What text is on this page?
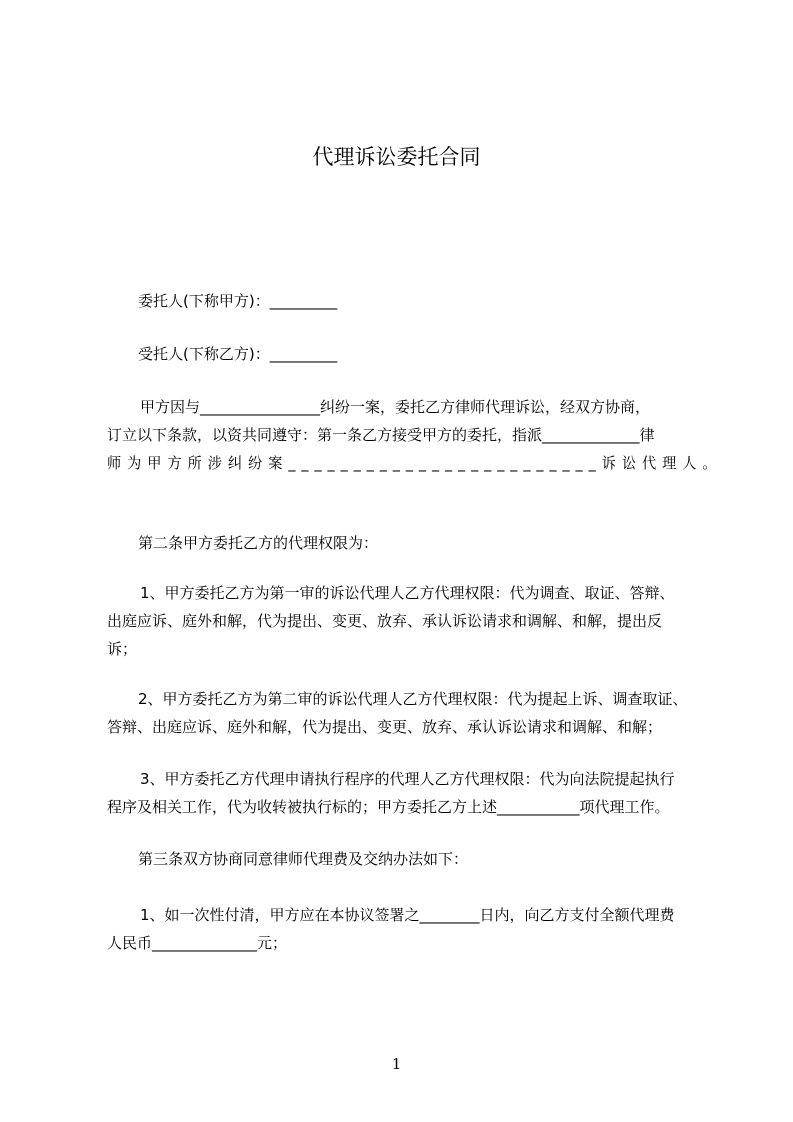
代理诉讼委托合同
委托人(下称甲方)：_________
受托人(下称乙方)：_________
甲方因与________________纠纷一案，委托乙方律师代理诉讼，经双方协商，
订立以下条款，以资共同遵守：第一条乙方接受甲方的委托，指派_____________律
师为甲方所涉纠纷案________________________诉讼代理人。
第二条甲方委托乙方的代理权限为：
1、甲方委托乙方为第一审的诉讼代理人乙方代理权限：代为调查、取证、答辩、
出庭应诉、庭外和解，代为提出、变更、放弃、承认诉讼请求和调解、和解，提出反
诉；
2、甲方委托乙方为第二审的诉讼代理人乙方代理权限：代为提起上诉、调查取证、
答辩、出庭应诉、庭外和解，代为提出、变更、放弃、承认诉讼请求和调解、和解；
3、甲方委托乙方代理申请执行程序的代理人乙方代理权限：代为向法院提起执行
程序及相关工作，代为收转被执行标的；甲方委托乙方上述___________项代理工作。
第三条双方协商同意律师代理费及交纳办法如下：
1、如一次性付清，甲方应在本协议签署之________日内，向乙方支付全额代理费
人民币______________元；
1
